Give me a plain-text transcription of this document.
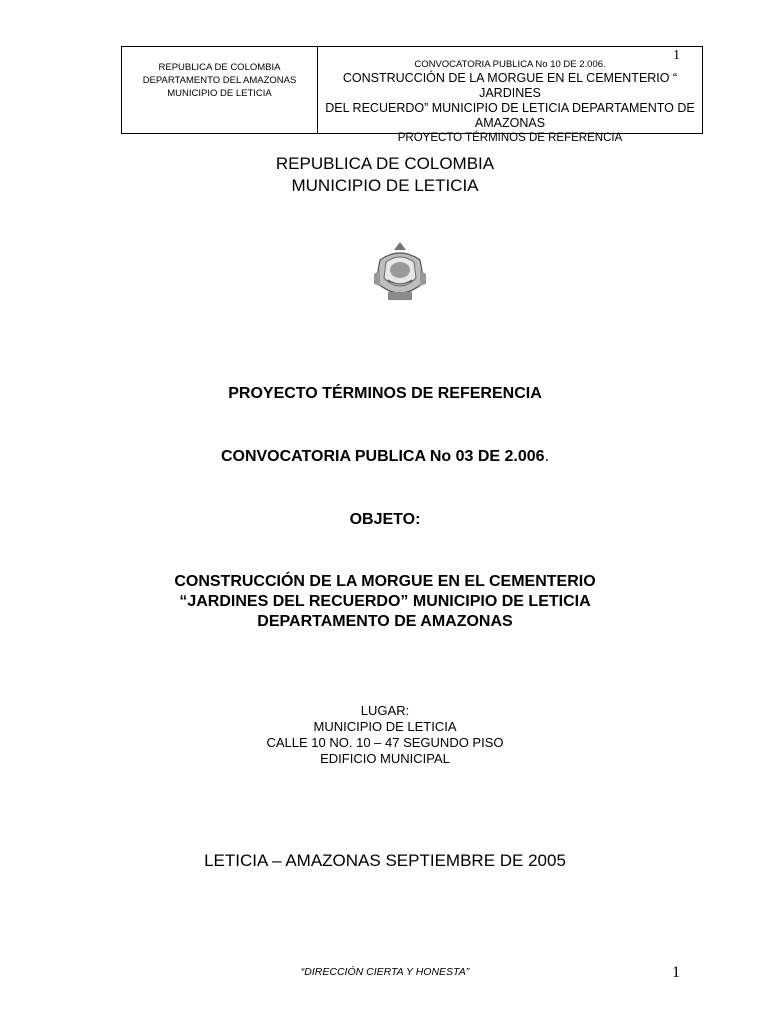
REPUBLICA DE COLOMBIA
DEPARTAMENTO DEL AMAZONAS
MUNICIPIO DE LETICIA
CONVOCATORIA PUBLICA No 10 DE 2.006.
1
CONSTRUCCIÓN DE LA MORGUE EN EL CEMENTERIO “ JARDINES
DEL RECUERDO” MUNICIPIO DE LETICIA DEPARTAMENTO DE
AMAZONAS
PROYECTO TÉRMINOS DE REFERENCIA
REPUBLICA DE COLOMBIA
MUNICIPIO DE LETICIA
PROYECTO TÉRMINOS DE REFERENCIA
CONVOCATORIA PUBLICA No 03 DE 2.006.
OBJETO:
CONSTRUCCIÓN DE LA MORGUE EN EL CEMENTERIO
“JARDINES DEL RECUERDO” MUNICIPIO DE LETICIA
DEPARTAMENTO DE AMAZONAS
LUGAR:
MUNICIPIO DE LETICIA
CALLE 10 NO. 10 – 47 SEGUNDO PISO
EDIFICIO MUNICIPAL
LETICIA – AMAZONAS SEPTIEMBRE DE 2005
“DIRECCIÓN CIERTA Y HONESTA”	1
